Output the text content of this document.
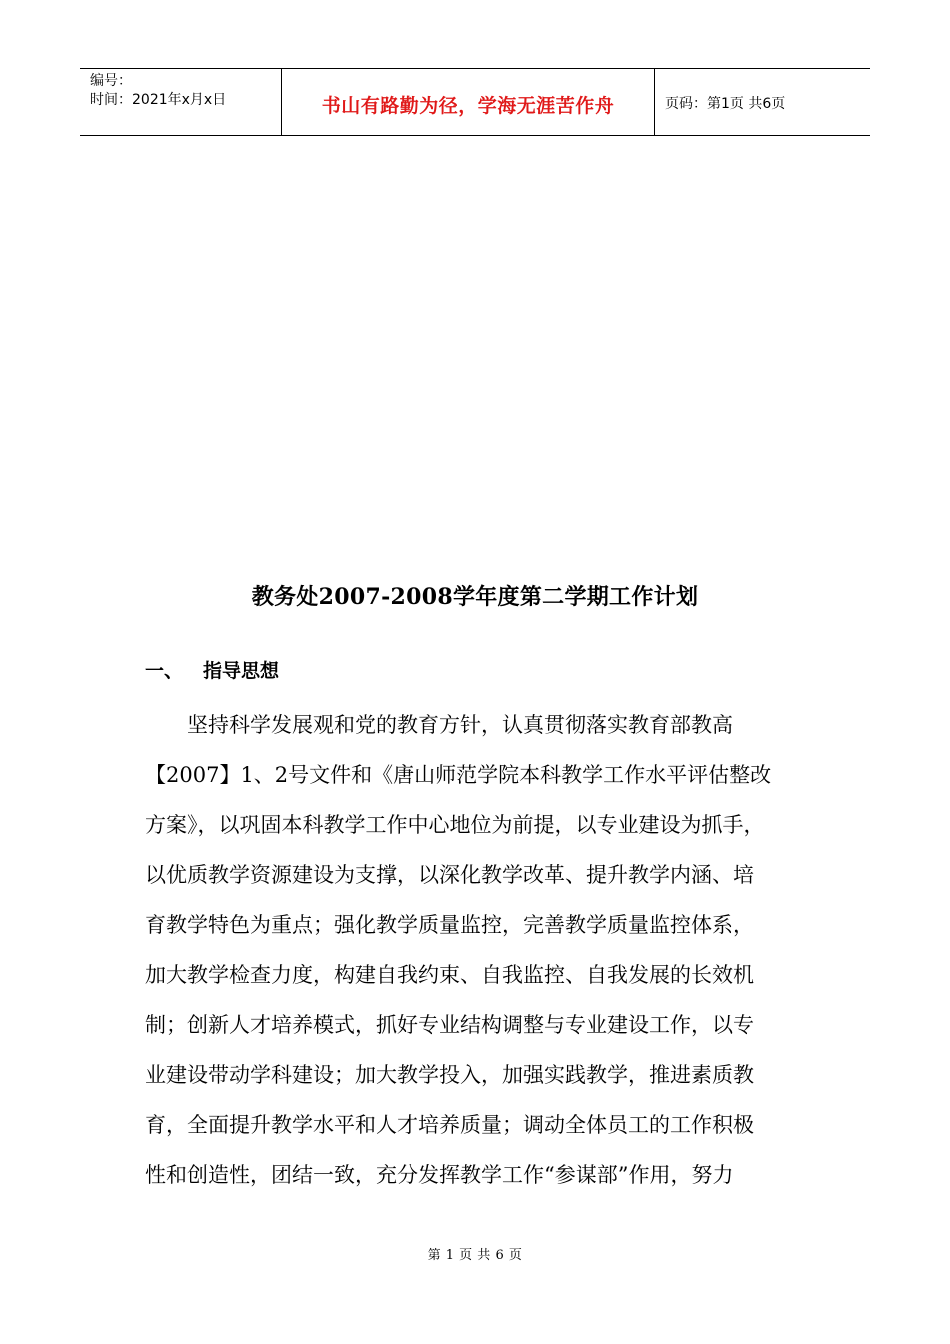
编号：
时间：2021年x月x日	书山有路勤为径，学海无涯苦作舟	页码：第1页 共6页
教务处2007-2008学年度第二学期工作计划
一、	指导思想
坚持科学发展观和党的教育方针，认真贯彻落实教育部教高
【2007】1、2号文件和《唐山师范学院本科教学工作水平评估整改
方案》，以巩固本科教学工作中心地位为前提，以专业建设为抓手，
以优质教学资源建设为支撑，以深化教学改革、提升教学内涵、培
育教学特色为重点；强化教学质量监控，完善教学质量监控体系，
加大教学检查力度，构建自我约束、自我监控、自我发展的长效机
制；创新人才培养模式，抓好专业结构调整与专业建设工作，以专
业建设带动学科建设；加大教学投入，加强实践教学，推进素质教
育，全面提升教学水平和人才培养质量；调动全体员工的工作积极
性和创造性，团结一致，充分发挥教学工作“参谋部”作用，努力
第 1 页 共 6 页
